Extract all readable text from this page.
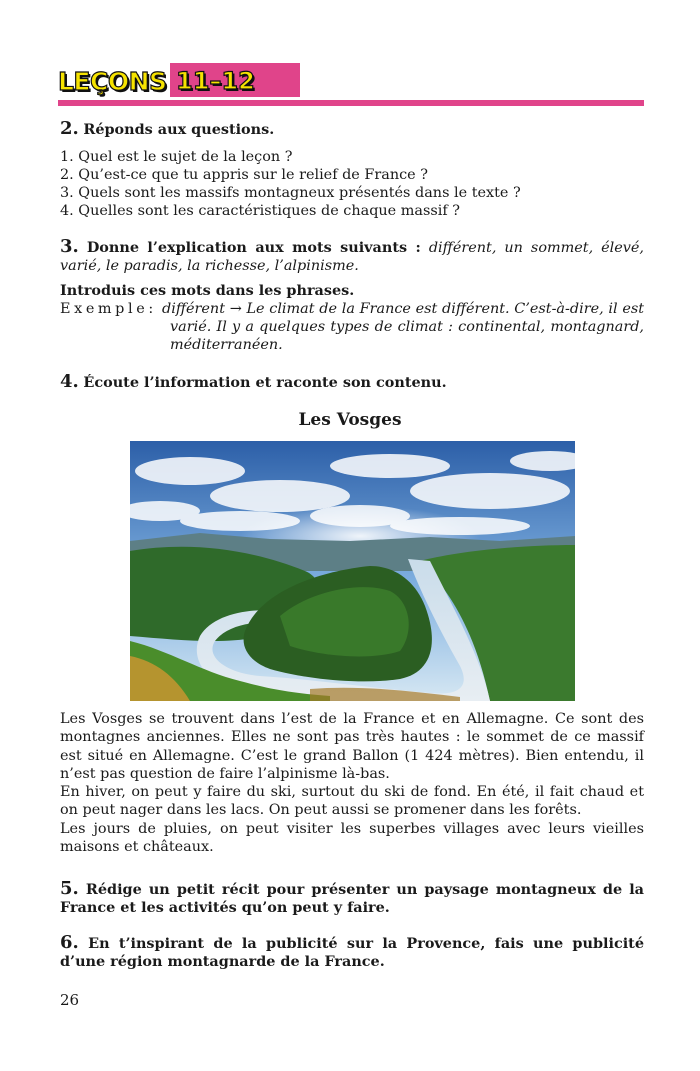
LEÇONS 11–12
2. Réponds aux questions.
1. Quel est le sujet de la leçon ?
2. Qu’est-ce que tu appris sur le relief de France ?
3. Quels sont les massifs montagneux présentés dans le texte ?
4. Quelles sont les caractéristiques de chaque massif ?
3. Donne l’explication aux mots suivants : différent, un sommet, élevé, varié, le paradis, la richesse, l’alpinisme.
Introduis ces mots dans les phrases.
Exemple: différent → Le climat de la France est différent. C’est-à-dire, il est varié. Il y a quelques types de climat : continental, montagnard, méditerranéen.
4. Écoute l’information et raconte son contenu.
Les Vosges
Les Vosges se trouvent dans l’est de la France et en Allemagne. Ce sont des montagnes anciennes. Elles ne sont pas très hautes : le sommet de ce massif est situé en Allemagne. C’est le grand Ballon (1 424 mètres). Bien entendu, il n’est pas question de faire l’alpinisme là-bas.
En hiver, on peut y faire du ski, surtout du ski de fond. En été, il fait chaud et on peut nager dans les lacs. On peut aussi se promener dans les forêts.
Les jours de pluies, on peut visiter les superbes villages avec leurs vieilles maisons et châteaux.
5. Rédige un petit récit pour présenter un paysage montagneux de la France et les activités qu’on peut y faire.
6. En t’inspirant de la publicité sur la Provence, fais une publicité d’une région montagnarde de la France.
26
